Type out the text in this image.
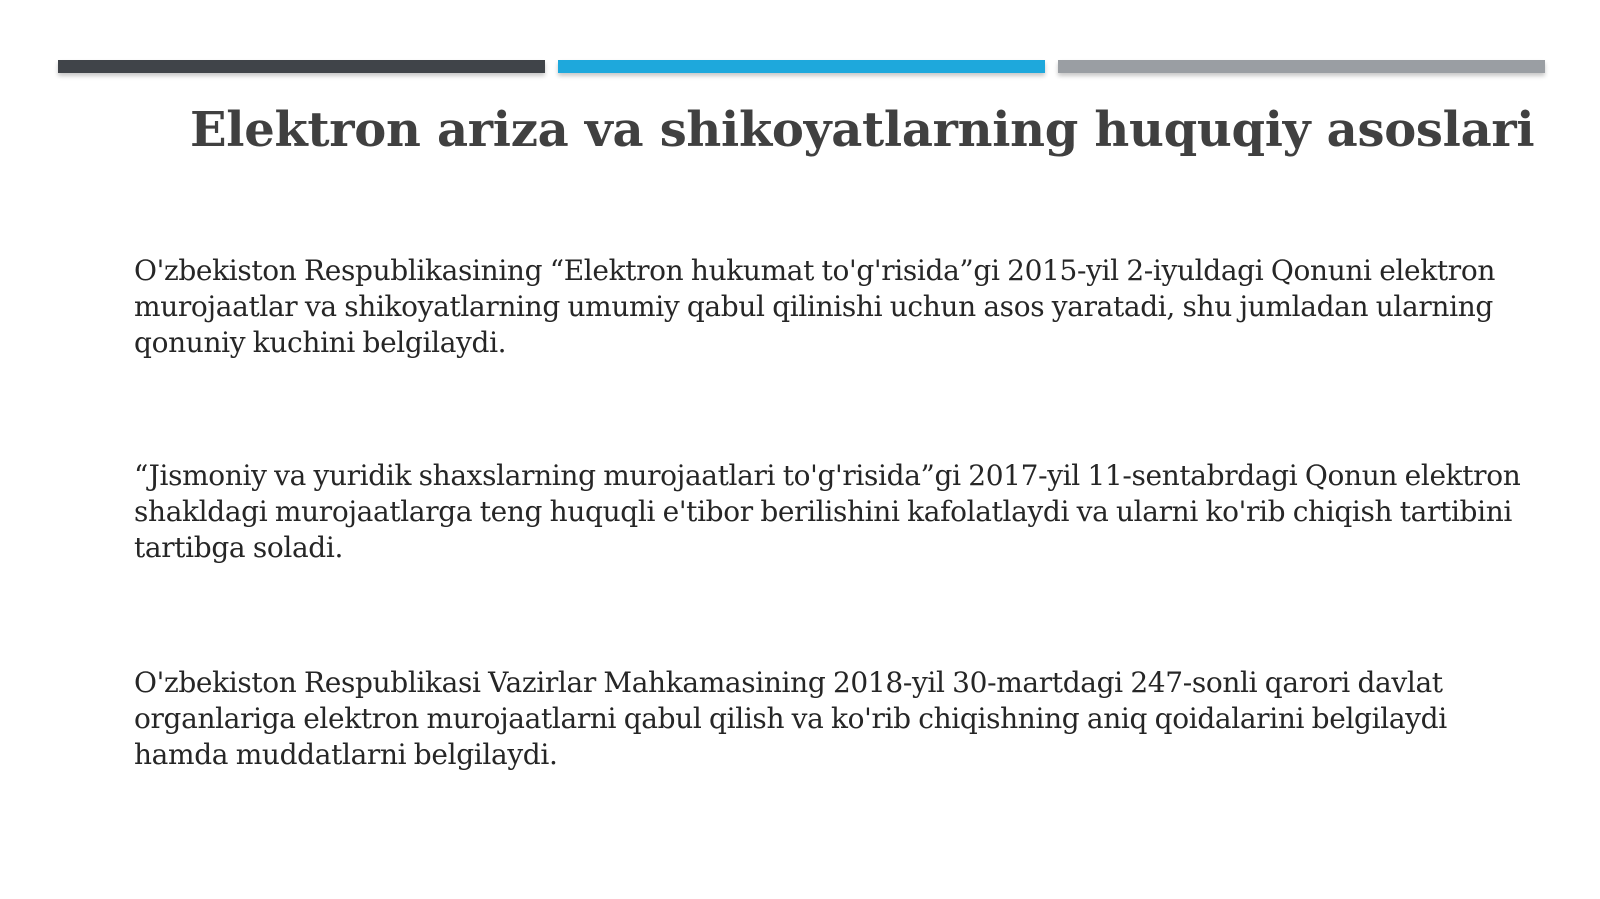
Elektron ariza va shikoyatlarning huquqiy asoslari

O'zbekiston Respublikasining “Elektron hukumat to'g'risida”gi 2015-yil 2-iyuldagi Qonuni elektron murojaatlar va shikoyatlarning umumiy qabul qilinishi uchun asos yaratadi, shu jumladan ularning qonuniy kuchini belgilaydi.

“Jismoniy va yuridik shaxslarning murojaatlari to'g'risida”gi 2017-yil 11-sentabrdagi Qonun elektron shakldagi murojaatlarga teng huquqli e'tibor berilishini kafolatlaydi va ularni ko'rib chiqish tartibini tartibga soladi.

O'zbekiston Respublikasi Vazirlar Mahkamasining 2018-yil 30-martdagi 247-sonli qarori davlat organlariga elektron murojaatlarni qabul qilish va ko'rib chiqishning aniq qoidalarini belgilaydi hamda muddatlarni belgilaydi.
